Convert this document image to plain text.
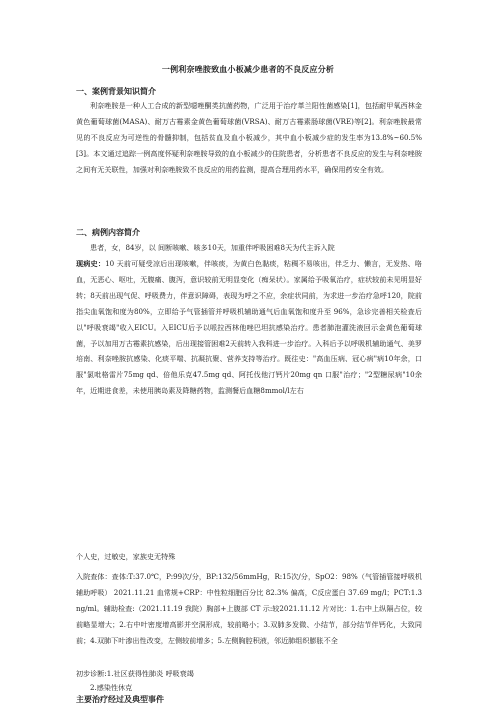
一例利奈唑胺致血小板减少患者的不良反应分析
一、案例背景知识简介

利奈唑胺是一种人工合成的新型噁唑酮类抗菌药物，广泛用于治疗革兰阳性菌感染[1]，包括耐甲氧西林金黄色葡萄球菌(MASA)、耐万古霉素金黄色葡萄球菌(VRSA)、耐万古霉素肠球菌(VRE)等[2]。利奈唑胺最常见的不良反应为可逆性的骨髓抑制，包括贫血及血小板减少，其中血小板减少症的发生率为13.8%~60.5%[3]。本文通过追踪一例高度怀疑利奈唑胺导致的血小板减少的住院患者，分析患者不良反应的发生与利奈唑胺之间有无关联性，加强对利奈唑胺致不良反应的用药监测，提高合理用药水平，确保用药安全有效。

二、病例内容简介
患者，女，84岁，以 间断咳嗽、咳多10天，加重伴呼吸困难8天为代主诉入院

现病史：10 天前可疑受凉后出现咳嗽，伴咳痰，为黄白色黏痰，粘稠不易咳出，伴乏力、懒言，无发热、咯血，无恶心、呕吐，无腹痛、腹泻，意识较前无明显变化（痴呆状）。家属给予吸氧治疗，症状较前未见明显好转；8天前出现气促、呼吸费力，伴意识障碍，表现为呼之不应，余症状同前，为求进一步治疗急呼120，院前指尖血氧饱和度为80%，立即给予气管插管并呼吸机辅助通气后血氧饱和度升至 96%，急诊完善相关检查后以"呼吸衰竭"收入EICU。入EICU后予以哌拉西林他唑巴坦抗感染治疗。患者肺泡灌洗液回示金黄色葡萄球菌，予以加用万古霉素抗感染，后出现接管困难2天前转入我科进一步治疗。入科后予以呼吸机辅助通气、美罗培南、利奈唑胺抗感染、化痰平喘、抗凝抗聚、营养支持等治疗。既往史："高血压病、冠心病"病10年余，口服"氯吡格雷片75mg qd、倍他乐克47.5mg qd、阿托伐他汀钙片20mg qn 口服"治疗；"2型糖尿病"10余年，近期进食差，未使用胰岛素及降糖药物，监测餐后血糖8mmol/l左右

个人史，过敏史，家族史无特殊

入院查体：查体:T:37.0℃，P:99次/分，BP:132/56mmHg，R:15次/分，SpO2：98%（气管插管接呼吸机辅助呼吸） 2021.11.21 血常规+CRP：中性粒细胞百分比 82.3% 偏高，C反应蛋白 37.69 mg/l；PCT:1.3ng/ml。辅助检查:（2021.11.19 我院）胸部+上腹部 CT 示:较2021.11.12 片对比：1.右中上纵隔占位，较前略显增大；2.右中叶密度增高影并空洞形成，较前略小；3.双肺多发微、小结节，部分结节伴钙化，大致同前；4.双肺下叶渗出性改变，左侧较前增多；5.左侧胸腔积液，邻近肺组织膨胀不全

初步诊断:1.社区获得性肺炎 呼吸衰竭
2.感染性休克
主要治疗经过及典型事件
